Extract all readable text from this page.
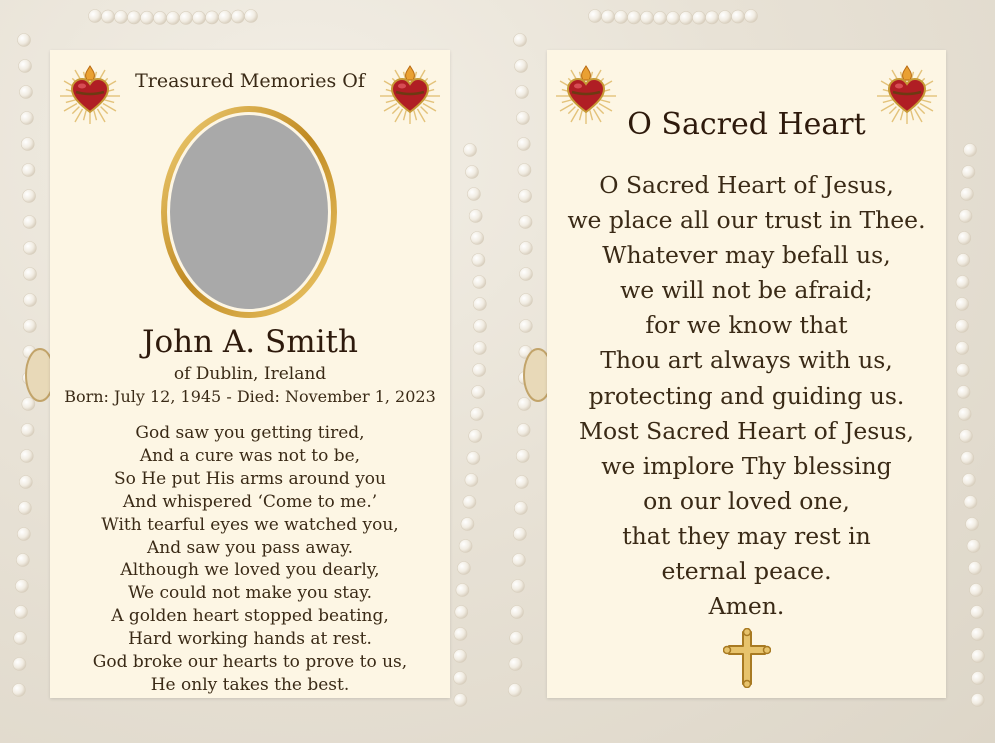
Treasured Memories Of
John A. Smith
of Dublin, Ireland
Born: July 12, 1945 - Died: November 1, 2023
God saw you getting tired,
And a cure was not to be,
So He put His arms around you
And whispered ‘Come to me.’
With tearful eyes we watched you,
And saw you pass away.
Although we loved you dearly,
We could not make you stay.
A golden heart stopped beating,
Hard working hands at rest.
God broke our hearts to prove to us,
He only takes the best.
O Sacred Heart
O Sacred Heart of Jesus,
we place all our trust in Thee.
Whatever may befall us,
we will not be afraid;
for we know that
Thou art always with us,
protecting and guiding us.
Most Sacred Heart of Jesus,
we implore Thy blessing
on our loved one,
that they may rest in
eternal peace.
Amen.
